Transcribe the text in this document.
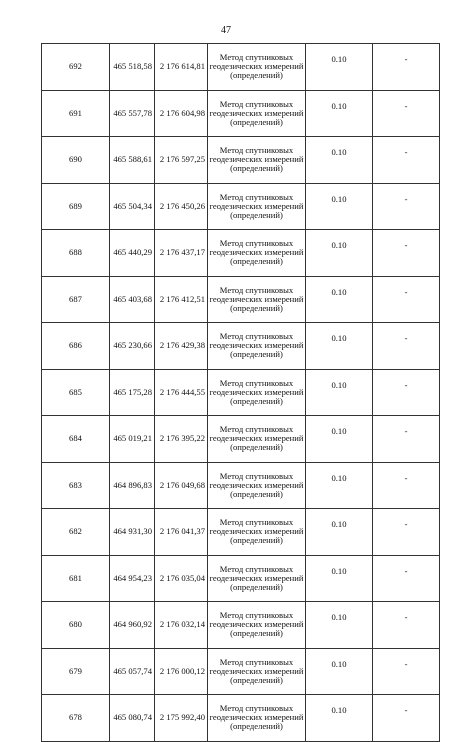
47
692	465 518,58	2 176 614,81	Метод спутниковых
геодезических измерений
(определений)	0.10	-
691	465 557,78	2 176 604,98	Метод спутниковых
геодезических измерений
(определений)	0.10	-
690	465 588,61	2 176 597,25	Метод спутниковых
геодезических измерений
(определений)	0.10	-
689	465 504,34	2 176 450,26	Метод спутниковых
геодезических измерений
(определений)	0.10	-
688	465 440,29	2 176 437,17	Метод спутниковых
геодезических измерений
(определений)	0.10	-
687	465 403,68	2 176 412,51	Метод спутниковых
геодезических измерений
(определений)	0.10	-
686	465 230,66	2 176 429,38	Метод спутниковых
геодезических измерений
(определений)	0.10	-
685	465 175,28	2 176 444,55	Метод спутниковых
геодезических измерений
(определений)	0.10	-
684	465 019,21	2 176 395,22	Метод спутниковых
геодезических измерений
(определений)	0.10	-
683	464 896,83	2 176 049,68	Метод спутниковых
геодезических измерений
(определений)	0.10	-
682	464 931,30	2 176 041,37	Метод спутниковых
геодезических измерений
(определений)	0.10	-
681	464 954,23	2 176 035,04	Метод спутниковых
геодезических измерений
(определений)	0.10	-
680	464 960,92	2 176 032,14	Метод спутниковых
геодезических измерений
(определений)	0.10	-
679	465 057,74	2 176 000,12	Метод спутниковых
геодезических измерений
(определений)	0.10	-
678	465 080,74	2 175 992,40	Метод спутниковых
геодезических измерений
(определений)	0.10	-
